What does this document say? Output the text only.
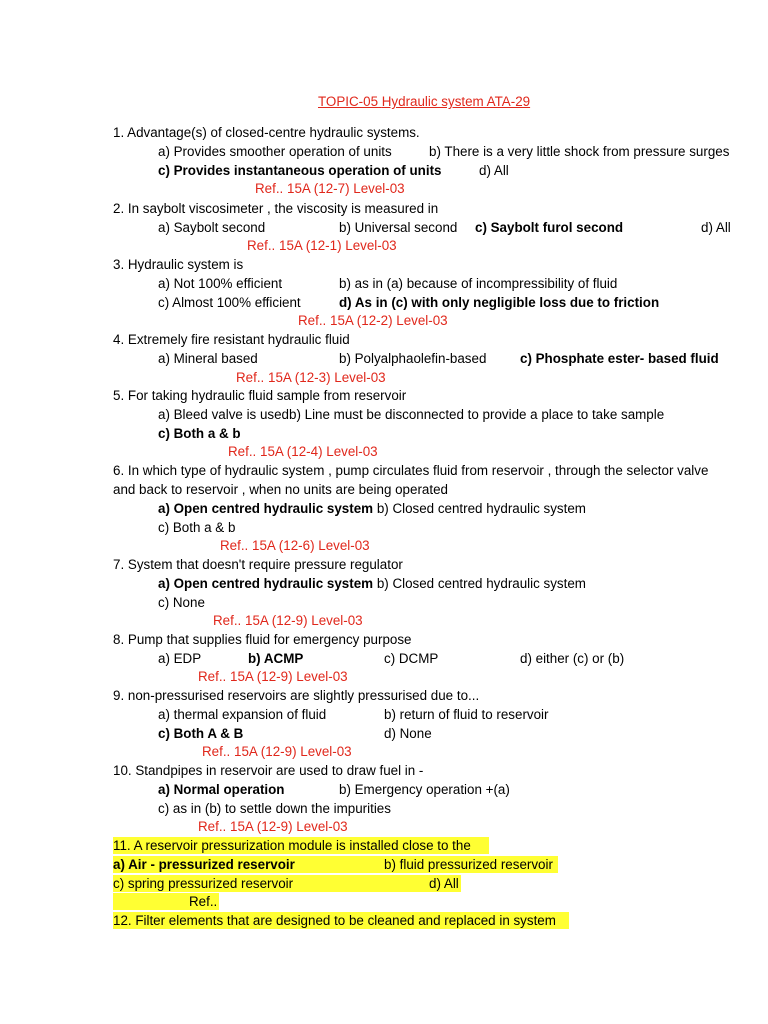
TOPIC-05 Hydraulic system ATA-29
1. Advantage(s) of closed-centre hydraulic systems.
a) Provides smoother operation of units	b) There is a very little shock from pressure surges
c) Provides instantaneous operation of units	d) All
Ref.. 15A (12-7) Level-03
2. In saybolt viscosimeter , the viscosity is measured in
a) Saybolt second	b) Universal second c) Saybolt furol second	d) All
Ref.. 15A (12-1) Level-03
3. Hydraulic system is
a) Not 100% efficient	b) as in (a) because of incompressibility of fluid
c) Almost 100% efficient	d) As in (c) with only negligible loss due to friction
Ref.. 15A (12-2) Level-03
4. Extremely fire resistant hydraulic fluid
a) Mineral based	b) Polyalphaolefin-based	c) Phosphate ester- based fluid
Ref.. 15A (12-3) Level-03
5. For taking hydraulic fluid sample from reservoir
a) Bleed valve is usedb) Line must be disconnected to provide a place to take sample
c) Both a & b
Ref.. 15A (12-4) Level-03
6. In which type of hydraulic system , pump circulates fluid from reservoir , through the selector valve
and back to reservoir , when no units are being operated
a) Open centred hydraulic system b) Closed centred hydraulic system
c) Both a & b
Ref.. 15A (12-6) Level-03
7. System that doesn't require pressure regulator
a) Open centred hydraulic system b) Closed centred hydraulic system
c) None
Ref.. 15A (12-9) Level-03
8. Pump that supplies fluid for emergency purpose
a) EDP	b) ACMP	c) DCMP	d) either (c) or (b)
Ref.. 15A (12-9) Level-03
9. non-pressurised reservoirs are slightly pressurised due to...
a) thermal expansion of fluid	b) return of fluid to reservoir
c) Both A & B	d) None
Ref.. 15A (12-9) Level-03
10. Standpipes in reservoir are used to draw fuel in -
a) Normal operation	b) Emergency operation +(a)
c) as in (b) to settle down the impurities
Ref.. 15A (12-9) Level-03
11. A reservoir pressurization module is installed close to the
a) Air - pressurized reservoir	b) fluid pressurized reservoir
c) spring pressurized reservoir	d) All
Ref..
12. Filter elements that are designed to be cleaned and replaced in system
